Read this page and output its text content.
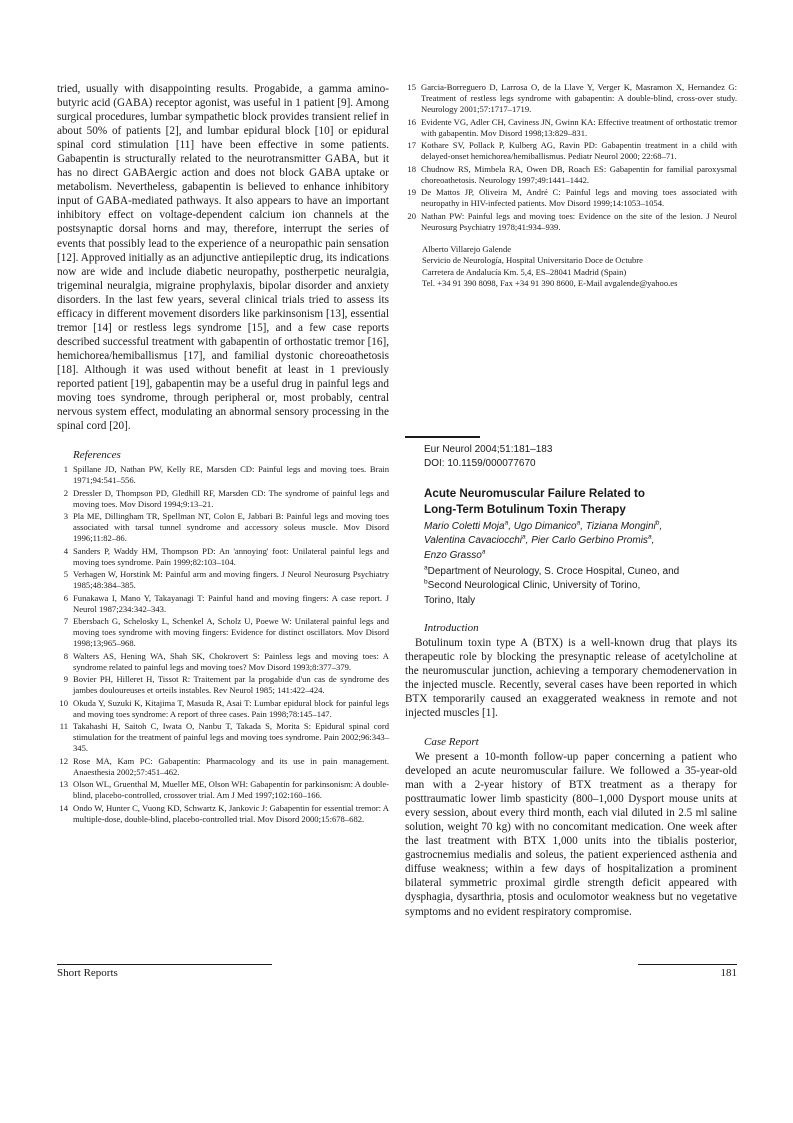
tried, usually with disappointing results. Progabide, a gamma aminobutyric acid (GABA) receptor agonist, was useful in 1 patient [9]. Among surgical procedures, lumbar sympathetic block provides transient relief in about 50% of patients [2], and lumbar epidural block [10] or epidural spinal cord stimulation [11] have been effective in some patients. Gabapentin is structurally related to the neurotransmitter GABA, but it has no direct GABAergic action and does not block GABA uptake or metabolism. Nevertheless, gabapentin is believed to enhance inhibitory input of GABA-mediated pathways. It also appears to have an important inhibitory effect on voltage-dependent calcium ion channels at the postsynaptic dorsal horns and may, therefore, interrupt the series of events that possibly lead to the experience of a neuropathic pain sensation [12]. Approved initially as an adjunctive antiepileptic drug, its indications now are wide and include diabetic neuropathy, postherpetic neuralgia, trigeminal neuralgia, migraine prophylaxis, bipolar disorder and anxiety disorders. In the last few years, several clinical trials tried to assess its efficacy in different movement disorders like parkinsonism [13], essential tremor [14] or restless legs syndrome [15], and a few case reports described successful treatment with gabapentin of orthostatic tremor [16], hemichorea/hemiballismus [17], and familial dystonic choreoathetosis [18]. Although it was used without benefit at least in 1 previously reported patient [19], gabapentin may be a useful drug in painful legs and moving toes syndrome, through peripheral or, most probably, central nervous system effect, modulating an abnormal sensory processing in the spinal cord [20].

References
1 Spillane JD, Nathan PW, Kelly RE, Marsden CD: Painful legs and moving toes. Brain 1971;94:541–556.
2 Dressler D, Thompson PD, Gledhill RF, Marsden CD: The syndrome of painful legs and moving toes. Mov Disord 1994;9:13–21.
3 Pla ME, Dillingham TR, Spellman NT, Colon E, Jabbari B: Painful legs and moving toes associated with tarsal tunnel syndrome and accessory soleus muscle. Mov Disord 1996;11:82–86.
4 Sanders P, Waddy HM, Thompson PD: An 'annoying' foot: Unilateral painful legs and moving toes syndrome. Pain 1999;82:103–104.
5 Verhagen W, Horstink M: Painful arm and moving fingers. J Neurol Neurosurg Psychiatry 1985;48:384–385.
6 Funakawa I, Mano Y, Takayanagi T: Painful hand and moving fingers: A case report. J Neurol 1987;234:342–343.
7 Ebersbach G, Schelosky L, Schenkel A, Scholz U, Poewe W: Unilateral painful legs and moving toes syndrome with moving fingers: Evidence for distinct oscillators. Mov Disord 1998;13;965–968.
8 Walters AS, Hening WA, Shah SK, Chokrovert S: Painless legs and moving toes: A syndrome related to painful legs and moving toes? Mov Disord 1993;8:377–379.
9 Bovier PH, Hilleret H, Tissot R: Traitement par la progabide d'un cas de syndrome des jambes douloureuses et orteils instables. Rev Neurol 1985; 141:422–424.
10 Okuda Y, Suzuki K, Kitajima T, Masuda R, Asai T: Lumbar epidural block for painful legs and moving toes syndrome: A report of three cases. Pain 1998;78:145–147.
11 Takahashi H, Saitoh C, Iwata O, Nanbu T, Takada S, Morita S: Epidural spinal cord stimulation for the treatment of painful legs and moving toes syndrome. Pain 2002;96:343–345.
12 Rose MA, Kam PC: Gabapentin: Pharmacology and its use in pain management. Anaesthesia 2002;57:451–462.
13 Olson WL, Gruenthal M, Mueller ME, Olson WH: Gabapentin for parkinsonism: A double-blind, placebo-controlled, crossover trial. Am J Med 1997;102:160–166.
14 Ondo W, Hunter C, Vuong KD, Schwartz K, Jankovic J: Gabapentin for essential tremor: A multiple-dose, double-blind, placebo-controlled trial. Mov Disord 2000;15:678–682.
15 Garcia-Borreguero D, Larrosa O, de la Llave Y, Verger K, Masramon X, Hernandez G: Treatment of restless legs syndrome with gabapentin: A double-blind, cross-over study. Neurology 2001;57:1717–1719.
16 Evidente VG, Adler CH, Caviness JN, Gwinn KA: Effective treatment of orthostatic tremor with gabapentin. Mov Disord 1998;13:829–831.
17 Kothare SV, Pollack P, Kulberg AG, Ravin PD: Gabapentin treatment in a child with delayed-onset hemichorea/hemiballismus. Pediatr Neurol 2000; 22:68–71.
18 Chudnow RS, Mimbela RA, Owen DB, Roach ES: Gabapentin for familial paroxysmal choreoathetosis. Neurology 1997;49:1441–1442.
19 De Mattos JP, Oliveira M, André C: Painful legs and moving toes associated with neuropathy in HIV-infected patients. Mov Disord 1999;14:1053–1054.
20 Nathan PW: Painful legs and moving toes: Evidence on the site of the lesion. J Neurol Neurosurg Psychiatry 1978;41:934–939.
Alberto Villarejo Galende
Servicio de Neurología, Hospital Universitario Doce de Octubre
Carretera de Andalucía Km. 5,4, ES–28041 Madrid (Spain)
Tel. +34 91 390 8098, Fax +34 91 390 8600, E-Mail avgalende@yahoo.es
Eur Neurol 2004;51:181–183
DOI: 10.1159/000077670
Acute Neuromuscular Failure Related to
Long-Term Botulinum Toxin Therapy
Mario Coletti Moja$^a$, Ugo Dimanico$^a$, Tiziana Mongini$^b$,
Valentina Cavaciocchi$^a$, Pier Carlo Gerbino Promis$^a$,
Enzo Grasso$^a$
$^a$Department of Neurology, S. Croce Hospital, Cuneo, and
$^b$Second Neurological Clinic, University of Torino,
Torino, Italy
Introduction

Botulinum toxin type A (BTX) is a well-known drug that plays its therapeutic role by blocking the presynaptic release of acetylcholine at the neuromuscular junction, achieving a temporary chemodenervation in the injected muscle. Recently, several cases have been reported in which BTX temporarily caused an exaggerated weakness in remote and not injected muscles [1].

Case Report

We present a 10-month follow-up paper concerning a patient who developed an acute neuromuscular failure. We followed a 35-year-old man with a 2-year history of BTX treatment as a therapy for posttraumatic lower limb spasticity (800–1,000 Dysport mouse units at every session, about every third month, each vial diluted in 2.5 ml saline solution, weight 70 kg) with no concomitant medication. One week after the last treatment with BTX 1,000 units into the tibialis posterior, gastrocnemius medialis and soleus, the patient experienced asthenia and diffuse weakness; within a few days of hospitalization a prominent bilateral symmetric proximal girdle strength deficit appeared with dysphagia, dysarthria, ptosis and oculomotor weakness but no vegetative symptoms and no evident respiratory compromise.

Short Reports	181
